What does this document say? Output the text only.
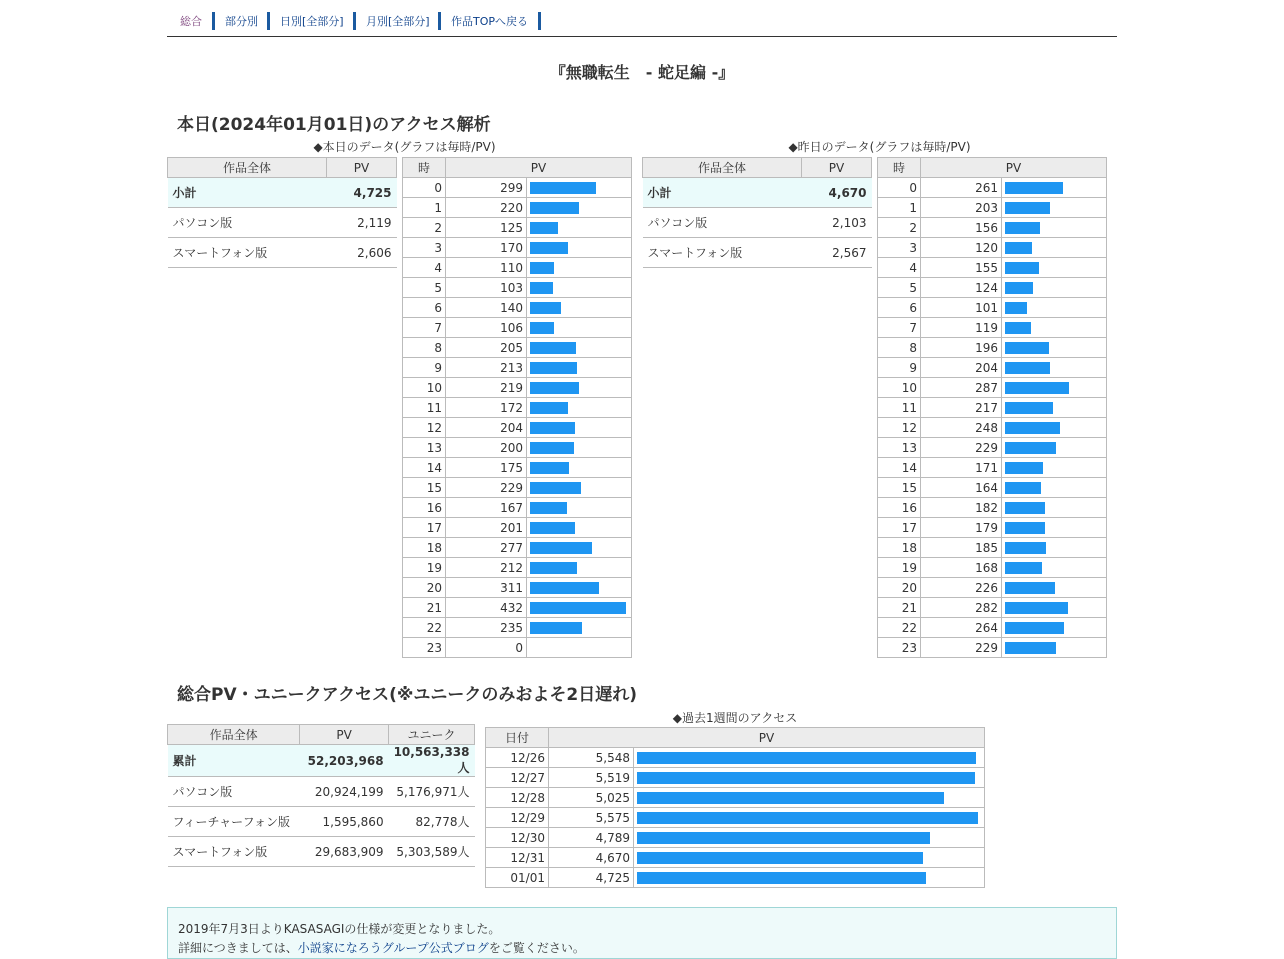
総合 部分別 日別[全部分] 月別[全部分] 作品TOPへ戻る
『無職転生　- 蛇足編 -』
本日(2024年01月01日)のアクセス解析
◆本日のデータ(グラフは毎時/PV)
作品全体	PV
小計	4,725
パソコン版	2,119
スマートフォン版	2,606
時	PV	
0	299	

1	220	

2	125	

3	170	

4	110	

5	103	

6	140	

7	106	

8	205	

9	213	

10	219	

11	172	

12	204	

13	200	

14	175	

15	229	

16	167	

17	201	

18	277	

19	212	

20	311	

21	432	

22	235	

23	0	
◆昨日のデータ(グラフは毎時/PV)
作品全体	PV
小計	4,670
パソコン版	2,103
スマートフォン版	2,567
時	PV	
0	261	

1	203	

2	156	

3	120	

4	155	

5	124	

6	101	

7	119	

8	196	

9	204	

10	287	

11	217	

12	248	

13	229	

14	171	

15	164	

16	182	

17	179	

18	185	

19	168	

20	226	

21	282	

22	264	

23	229	
総合PV・ユニークアクセス(※ユニークのみおよそ2日遅れ)
作品全体	PV	ユニーク
累計	52,203,968	10,563,338人
パソコン版	20,924,199	5,176,971人
フィーチャーフォン版	1,595,860	82,778人
スマートフォン版	29,683,909	5,303,589人
◆過去1週間のアクセス
日付	PV	
12/26	5,548	

12/27	5,519	

12/28	5,025	

12/29	5,575	

12/30	4,789	

12/31	4,670	

01/01	4,725	
2019年7月3日よりKASASAGIの仕様が変更となりました。
詳細につきましては、小説家になろうグループ公式ブログをご覧ください。
